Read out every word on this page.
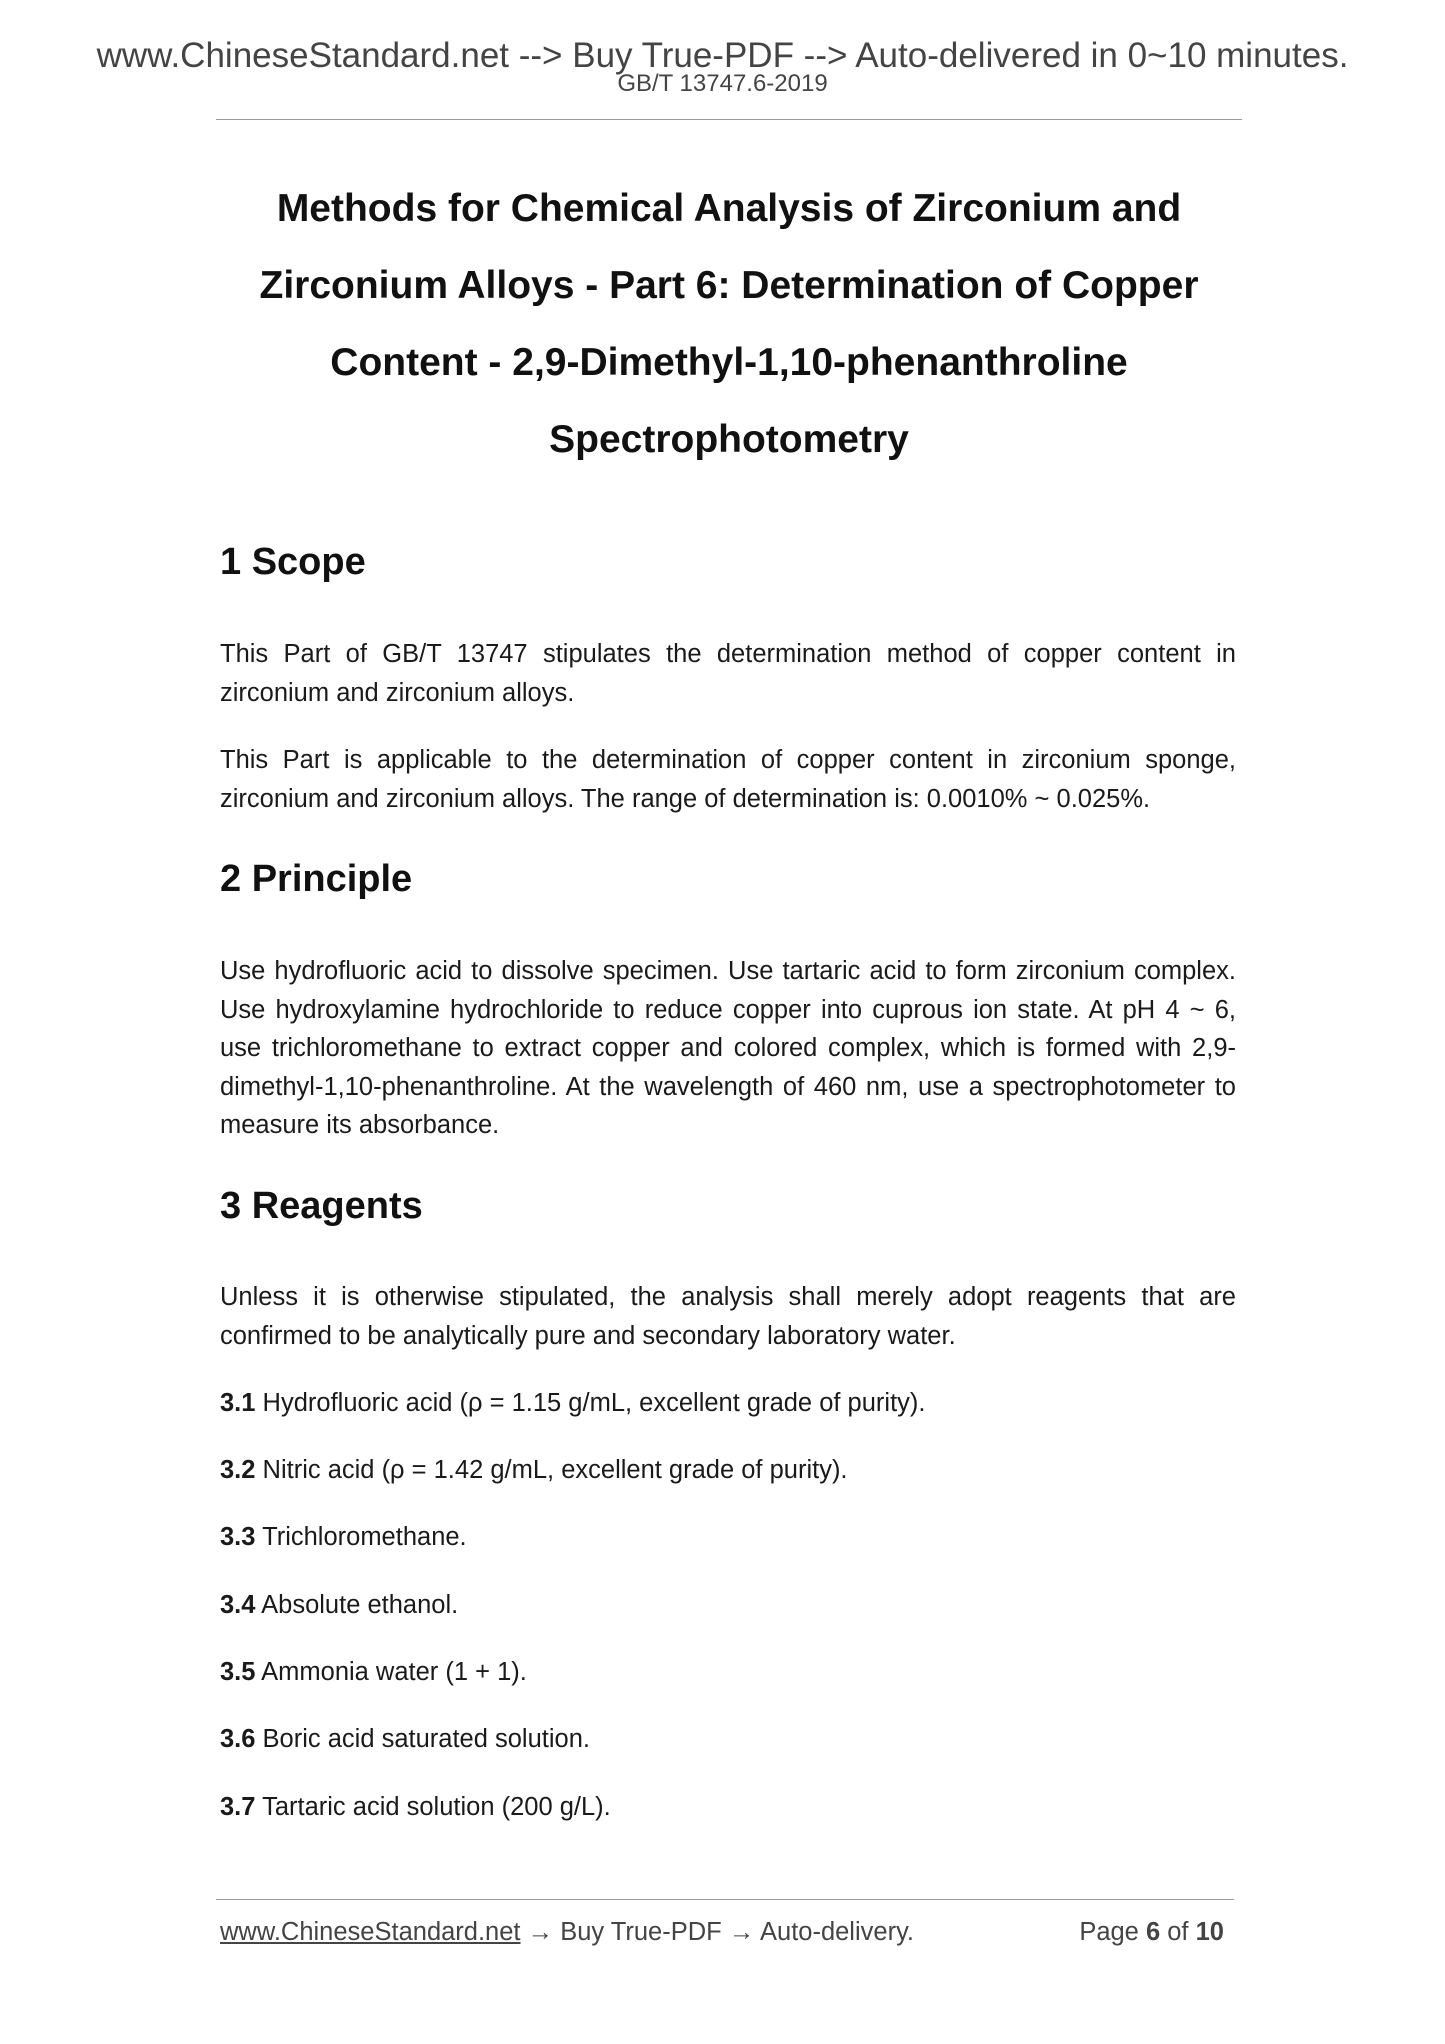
www.ChineseStandard.net --> Buy True-PDF --> Auto-delivered in 0~10 minutes.
GB/T 13747.6-2019
Methods for Chemical Analysis of Zirconium and Zirconium Alloys - Part 6: Determination of Copper Content - 2,9-Dimethyl-1,10-phenanthroline Spectrophotometry
1 Scope

This Part of GB/T 13747 stipulates the determination method of copper content in zirconium and zirconium alloys.

This Part is applicable to the determination of copper content in zirconium sponge, zirconium and zirconium alloys. The range of determination is: 0.0010% ~ 0.025%.

2 Principle

Use hydrofluoric acid to dissolve specimen. Use tartaric acid to form zirconium complex. Use hydroxylamine hydrochloride to reduce copper into cuprous ion state. At pH 4 ~ 6, use trichloromethane to extract copper and colored complex, which is formed with 2,9-dimethyl-1,10-phenanthroline. At the wavelength of 460 nm, use a spectrophotometer to measure its absorbance.

3 Reagents

Unless it is otherwise stipulated, the analysis shall merely adopt reagents that are confirmed to be analytically pure and secondary laboratory water.

3.1 Hydrofluoric acid (ρ = 1.15 g/mL, excellent grade of purity).
3.2 Nitric acid (ρ = 1.42 g/mL, excellent grade of purity).
3.3 Trichloromethane.
3.4 Absolute ethanol.
3.5 Ammonia water (1 + 1).
3.6 Boric acid saturated solution.
3.7 Tartaric acid solution (200 g/L).
www.ChineseStandard.net → Buy True-PDF → Auto-delivery.	Page 6 of 10
